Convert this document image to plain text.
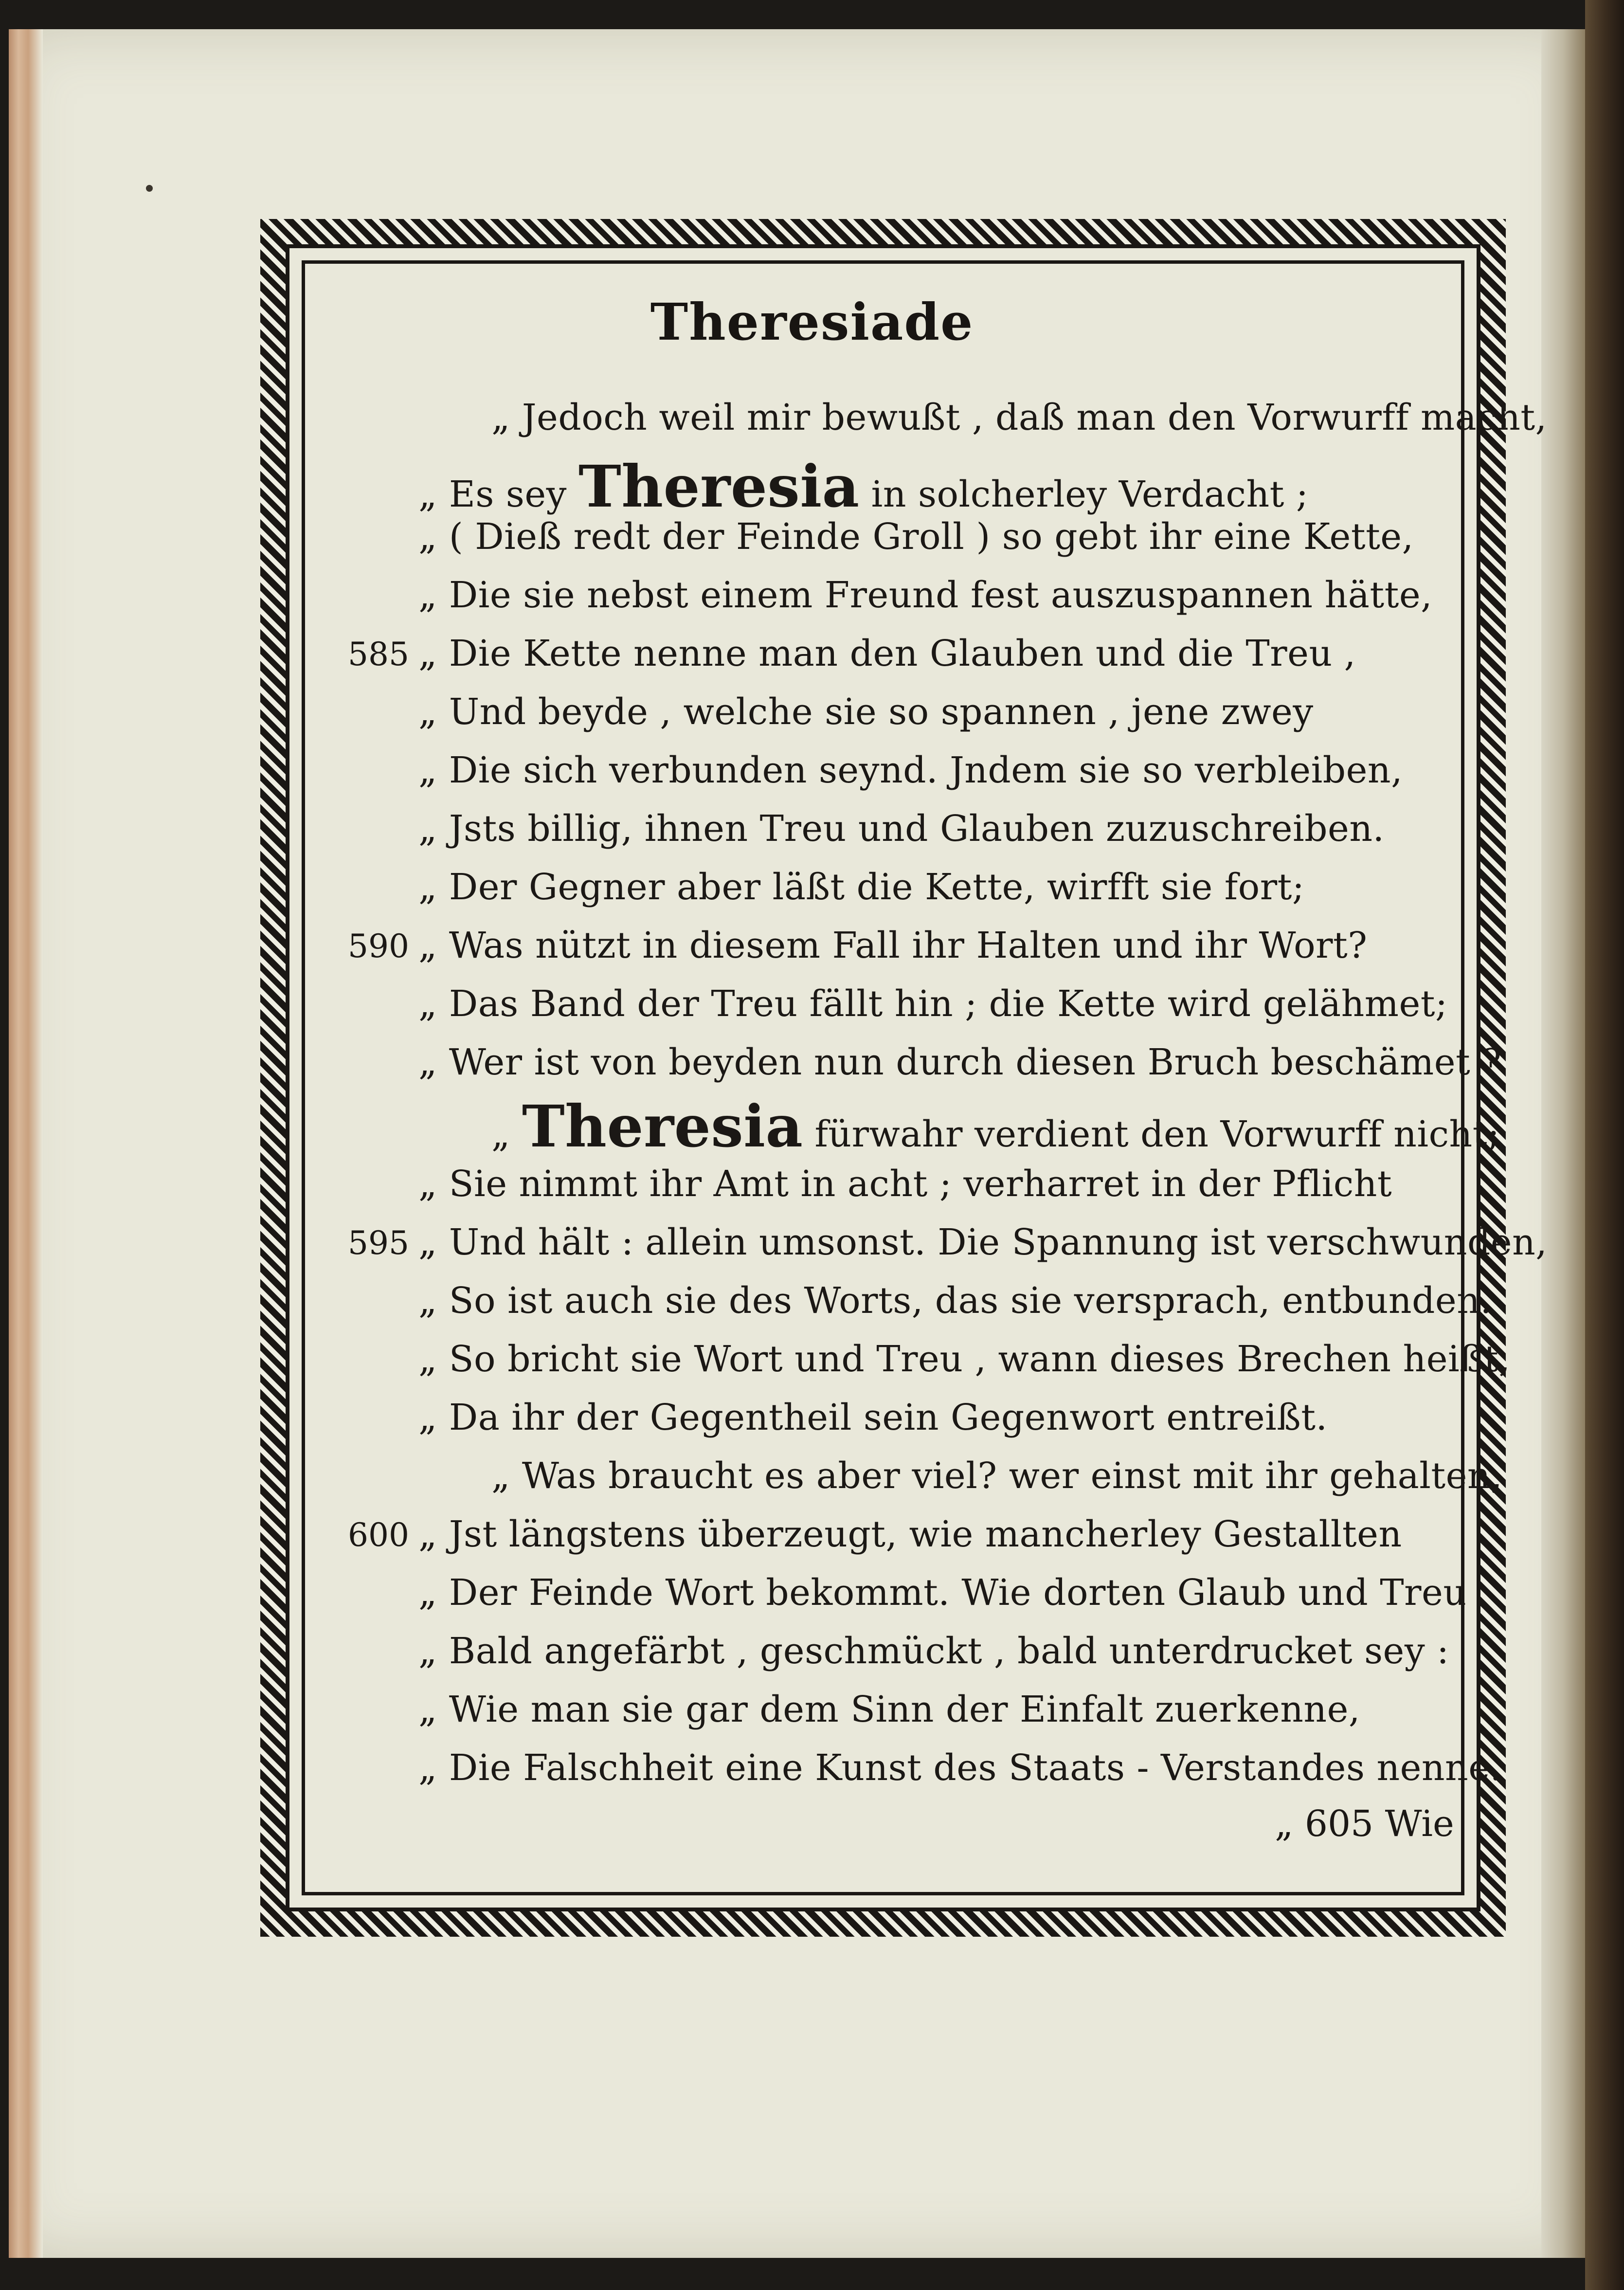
Theresiade
„ Jedoch weil mir bewußt , daß man den Vorwurff macht,
„ Es sey Theresia in solcherley Verdacht ;
„ ( Dieß redt der Feinde Groll ) so gebt ihr eine Kette,
„ Die sie nebst einem Freund fest auszuspannen hätte,
„ Die Kette nenne man den Glauben und die Treu ,
„ Und beyde , welche sie so spannen , jene zwey
„ Die sich verbunden seynd. Jndem sie so verbleiben,
„ Jsts billig, ihnen Treu und Glauben zuzuschreiben.
„ Der Gegner aber läßt die Kette, wirfft sie fort;
„ Was nützt in diesem Fall ihr Halten und ihr Wort?
„ Das Band der Treu fällt hin ; die Kette wird gelähmet;
„ Wer ist von beyden nun durch diesen Bruch beschämet ?
„ Theresia fürwahr verdient den Vorwurff nicht;
„ Sie nimmt ihr Amt in acht ; verharret in der Pflicht
„ Und hält : allein umsonst. Die Spannung ist verschwunden,
„ So ist auch sie des Worts, das sie versprach, entbunden.
„ So bricht sie Wort und Treu , wann dieses Brechen heißt,
„ Da ihr der Gegentheil sein Gegenwort entreißt.
„ Was braucht es aber viel? wer einst mit ihr gehalten,
„ Jst längstens überzeugt, wie mancherley Gestallten
„ Der Feinde Wort bekommt. Wie dorten Glaub und Treu
„ Bald angefärbt , geschmückt , bald unterdrucket sey :
„ Wie man sie gar dem Sinn der Einfalt zuerkenne,
„ Die Falschheit eine Kunst des Staats - Verstandes nenne.
585
590
595
600
„ 605 Wie
